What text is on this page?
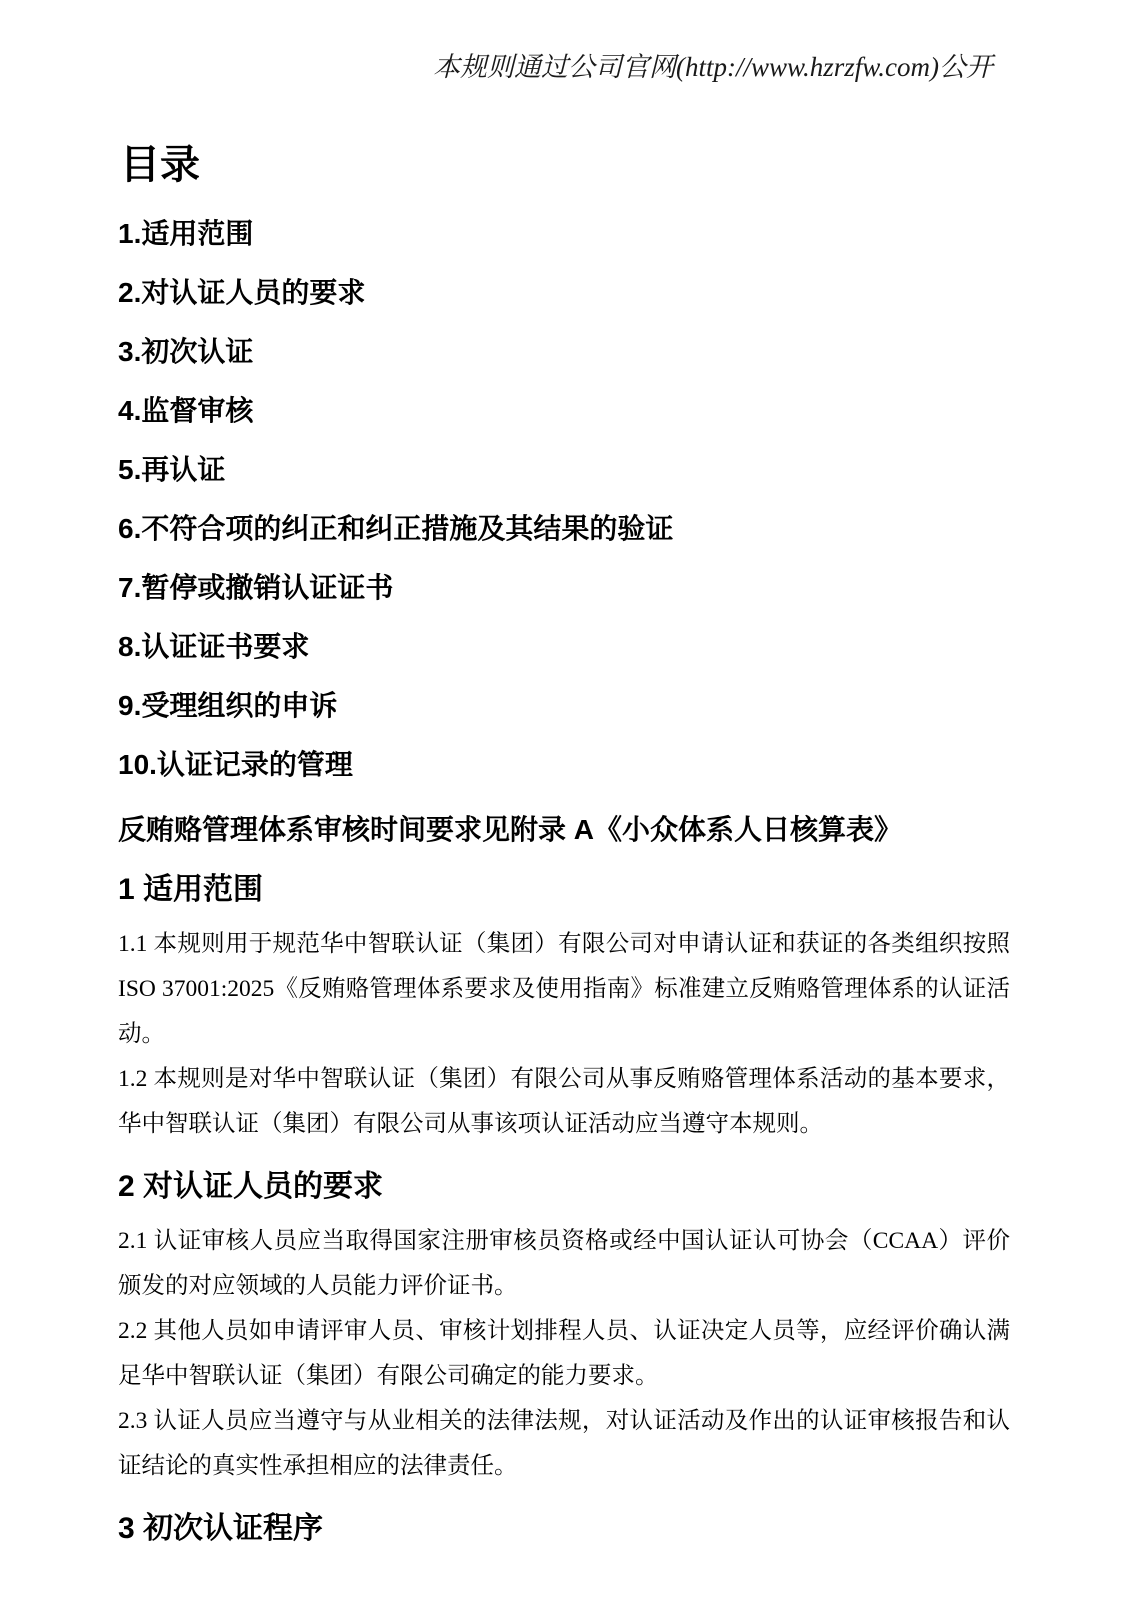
本规则通过公司官网(http://www.hzrzfw.com)公开
目录
1.适用范围
2.对认证人员的要求
3.初次认证
4.监督审核
5.再认证
6.不符合项的纠正和纠正措施及其结果的验证
7.暂停或撤销认证证书
8.认证证书要求
9.受理组织的申诉
10.认证记录的管理

反贿赂管理体系审核时间要求见附录 A《小众体系人日核算表》

1 适用范围

1.1 本规则用于规范华中智联认证（集团）有限公司对申请认证和获证的各类组织按照 ISO 37001:2025《反贿赂管理体系要求及使用指南》标准建立反贿赂管理体系的认证活动。

1.2 本规则是对华中智联认证（集团）有限公司从事反贿赂管理体系活动的基本要求，华中智联认证（集团）有限公司从事该项认证活动应当遵守本规则。

2 对认证人员的要求

2.1 认证审核人员应当取得国家注册审核员资格或经中国认证认可协会（CCAA）评价颁发的对应领域的人员能力评价证书。

2.2 其他人员如申请评审人员、审核计划排程人员、认证决定人员等，应经评价确认满足华中智联认证（集团）有限公司确定的能力要求。

2.3 认证人员应当遵守与从业相关的法律法规，对认证活动及作出的认证审核报告和认证结论的真实性承担相应的法律责任。

3 初次认证程序
